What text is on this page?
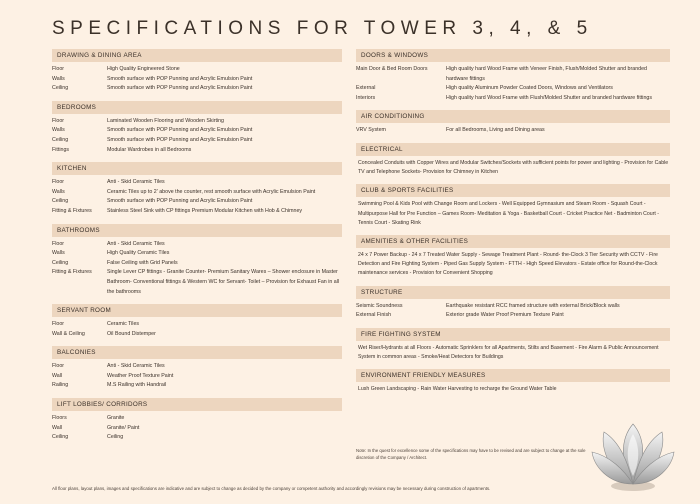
SPECIFICATIONS FOR TOWER 3, 4, & 5
DRAWING & DINING AREA
Floor	High Quality Engineered Stone
Walls	Smooth surface with POP Punning and Acrylic Emulsion Paint
Ceiling	Smooth surface with POP Punning and Acrylic Emulsion Paint
BEDROOMS
Floor	Laminated Wooden Flooring and Wooden Skirting
Walls	Smooth surface with POP Punning and Acrylic Emulsion Paint
Ceiling	Smooth surface with POP Punning and Acrylic Emulsion Paint
Fittings	Modular Wardrobes in all Bedrooms
KITCHEN
Floor	Anti - Skid Ceramic Tiles
Walls	Ceramic Tiles up to 2' above the counter, rest smooth surface with Acrylic Emulsion Paint
Ceiling	Smooth surface with POP Punning and Acrylic Emulsion Paint
Fitting & Fixtures	Stainless Steel Sink with CP fittings Premium Modular Kitchen with Hob & Chimney
BATHROOMS
Floor	Anti - Skid Ceramic Tiles
Walls	High Quality Ceramic Tiles
Ceiling	False Ceiling with Grid Panels
Fitting & Fixtures	Single Lever CP fittings - Granite Counter- Premium Sanitary Wares – Shower enclosure in Master Bathroom- Conventional fittings & Western WC for Servant- Toilet – Provision for Exhaust Fan in all the bathrooms
SERVANT ROOM
Floor	Ceramic Tiles
Wall & Ceiling	Oil Bound Distemper
BALCONIES
Floor	Anti - Skid Ceramic Tiles
Wall	Weather Proof Texture Paint
Railing	M.S Railing with Handrail
LIFT LOBBIES/ CORRIDORS
Floors	Granite
Wall	Granite/ Paint
Ceiling	Ceiling
DOORS & WINDOWS
Main Door & Bed Room Doors	High quality hard Wood Frame with Veneer Finish, Flush/Molded Shutter and branded hardware fittings
External	High quality Aluminum Powder Coated Doors, Windows and Ventilators
Interiors	High quality hard Wood Frame with Flush/Molded Shutter and branded hardware fittings
AIR CONDITIONING
VRV System	For all Bedrooms, Living and Dining areas
ELECTRICAL
Concealed Conduits with Copper Wires and Modular Switches/Sockets with sufficient points for power and lighting - Provision for Cable TV and Telephone Sockets- Provision for Chimney in Kitchen
CLUB & SPORTS FACILITIES
Swimming Pool & Kids Pool with Change Room and Lockers - Well Equipped Gymnasium and Steam Room - Squash Court - Multipurpose Hall for Pre Function – Games Room- Meditation & Yoga - Basketball Court - Cricket Practice Net - Badminton Court - Tennis Court - Skating Rink
AMENITIES & OTHER FACILITIES
24 x 7 Power Backup - 24 x 7 Treated Water Supply - Sewage Treatment Plant - Round- the-Clock 3 Tier Security with CCTV - Fire Detection and Fire Fighting System - Piped Gas Supply System - FTTH - High Speed Elevators - Estate office for Round-the-Clock maintenance services - Provision for Convenient Shopping
STRUCTURE
Seismic Soundness	Earthquake resistant RCC framed structure with external Brick/Block walls
External Finish	Exterior grade Water Proof Premium Texture Paint
FIRE FIGHTING SYSTEM
Wet Riser/Hydrants at all Floors - Automatic Sprinklers for all Apartments, Stilts and Basement - Fire Alarm & Public Announcement System in common areas - Smoke/Heat Detectors for Buildings
ENVIRONMENT FRIENDLY MEASURES
Lush Green Landscaping - Rain Water Harvesting to recharge the Ground Water Table
Note: In the quest for excellence some of the specifications may have to be revised and are subject to change at the sole discretion of the Company / Architect.
All floor plans, layout plans, images and specifications are indicative and are subject to change as decided by the company or competent authority and accordingly revisions may be necessary during construction of apartments.
